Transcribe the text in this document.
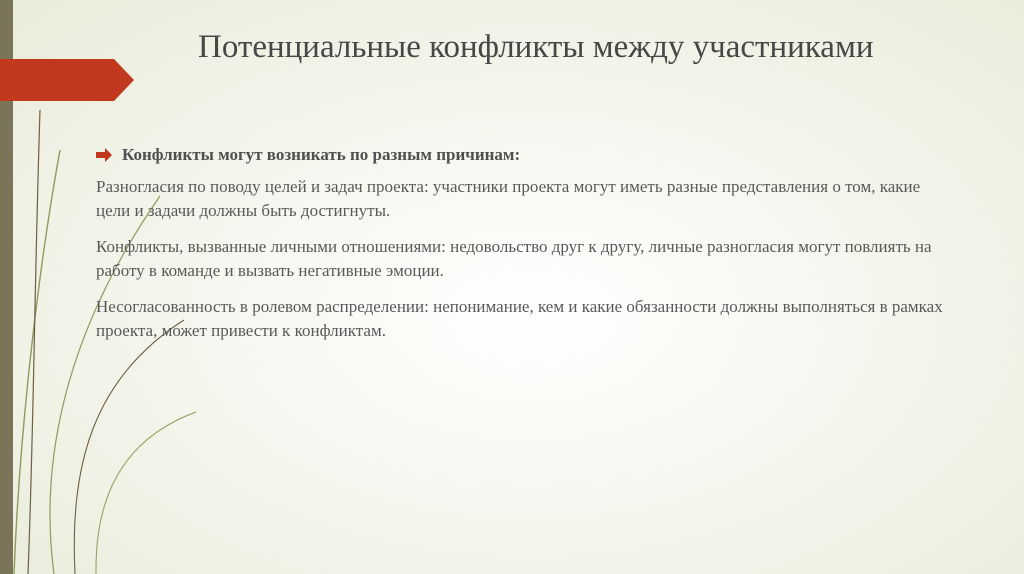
Потенциальные конфликты между участниками
Конфликты могут возникать по разным причинам:

Разногласия по поводу целей и задач проекта: участники проекта могут иметь разные представления о том, какие цели и задачи должны быть достигнуты.

Конфликты, вызванные личными отношениями: недовольство друг к другу, личные разногласия могут повлиять на работу в команде и вызвать негативные эмоции.

Несогласованность в ролевом распределении: непонимание, кем и какие обязанности должны выполняться в рамках проекта, может привести к конфликтам.
